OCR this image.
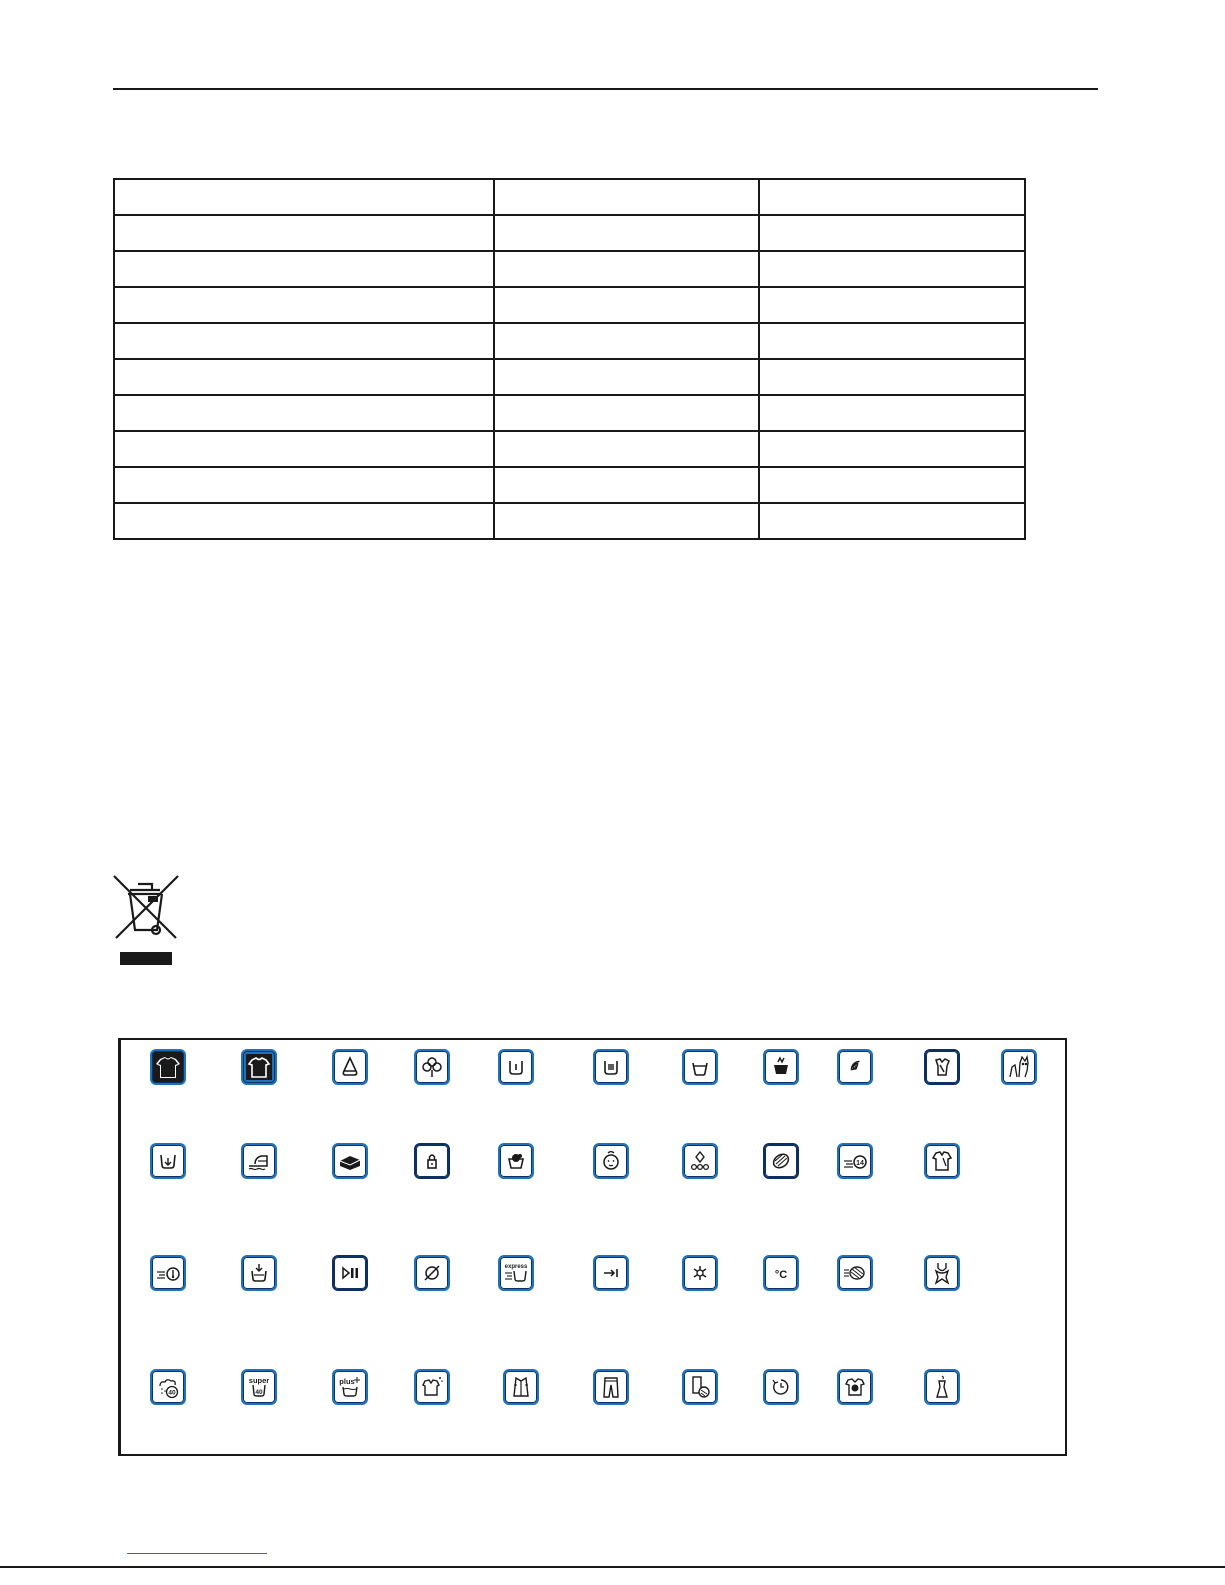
14
express
°C
40
super
40
plus
